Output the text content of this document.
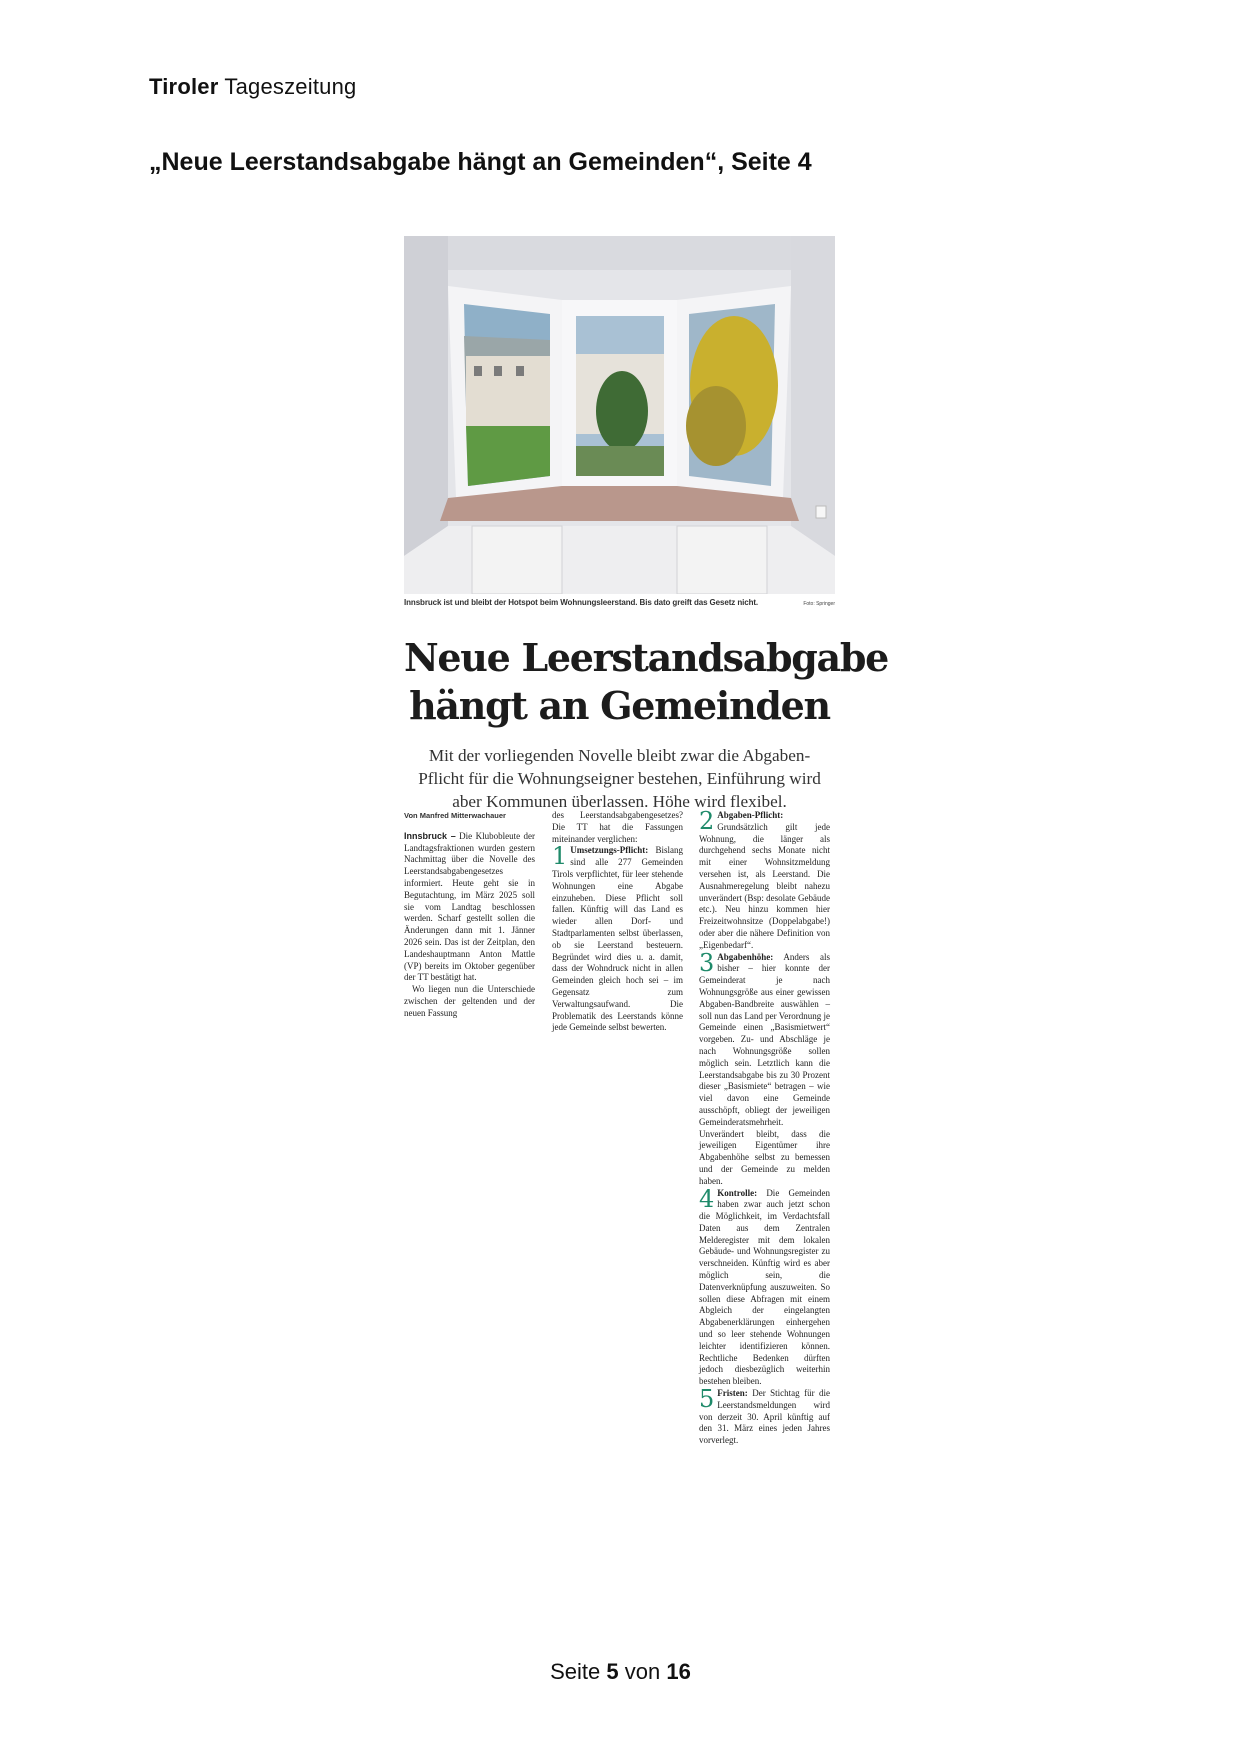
Tiroler Tageszeitung
„Neue Leerstandsabgabe hängt an Gemeinden“, Seite 4
Innsbruck ist und bleibt der Hotspot beim Wohnungsleerstand. Bis dato greift das Gesetz nicht.	Foto: Springer
Neue Leerstandsabgabe
hängt an Gemeinden
Mit der vorliegenden Novelle bleibt zwar die Abgaben-Pflicht für die Wohnungseigner bestehen, Einführung wird aber Kommunen überlassen. Höhe wird flexibel.
Von Manfred Mitterwachauer

Innsbruck – Die Klubobleute der Landtagsfraktionen wurden gestern Nachmittag über die Novelle des Leerstandsabgabengesetzes informiert. Heute geht sie in Begutachtung, im März 2025 soll sie vom Landtag beschlossen werden. Scharf gestellt sollen die Änderungen dann mit 1. Jänner 2026 sein. Das ist der Zeitplan, den Landeshauptmann Anton Mattle (VP) bereits im Oktober gegenüber der TT bestätigt hat.

Wo liegen nun die Unterschiede zwischen der geltenden und der neuen Fassung

des Leerstandsabgabengesetzes? Die TT hat die Fassungen miteinander verglichen:

1 Umsetzungs-Pflicht: Bislang sind alle 277 Gemeinden Tirols verpflichtet, für leer stehende Wohnungen eine Abgabe einzuheben. Diese Pflicht soll fallen. Künftig will das Land es wieder allen Dorf- und Stadtparlamenten selbst überlassen, ob sie Leerstand besteuern. Begründet wird dies u. a. damit, dass der Wohndruck nicht in allen Gemeinden gleich hoch sei – im Gegensatz zum Verwaltungsaufwand. Die Problematik des Leerstands könne jede Gemeinde selbst bewerten.

2 Abgaben-Pflicht: Grundsätzlich gilt jede Wohnung, die länger als durchgehend sechs Monate nicht mit einer Wohnsitzmeldung versehen ist, als Leerstand. Die Ausnahmeregelung bleibt nahezu unverändert (Bsp: desolate Gebäude etc.). Neu hinzu kommen hier Freizeitwohnsitze (Doppelabgabe!) oder aber die nähere Definition von „Eigenbedarf“.

3 Abgabenhöhe: Anders als bisher – hier konnte der Gemeinderat je nach Wohnungsgröße aus einer gewissen Abgaben-Bandbreite auswählen – soll nun das Land per Verordnung je Gemeinde einen „Basismietwert“ vorgeben. Zu- und Abschläge je nach Wohnungsgröße sollen möglich sein. Letztlich kann die Leerstandsabgabe bis zu 30 Prozent dieser „Basismiete“ betragen – wie viel davon eine Gemeinde ausschöpft, obliegt der jeweiligen Gemeinderatsmehrheit. Unverändert bleibt, dass die jeweiligen Eigentümer ihre Abgabenhöhe selbst zu bemessen und der Gemeinde zu melden haben.

4 Kontrolle: Die Gemeinden haben zwar auch jetzt schon die Möglichkeit, im Verdachtsfall Daten aus dem Zentralen Melderegister mit dem lokalen Gebäude- und Wohnungsregister zu verschneiden. Künftig wird es aber möglich sein, die Datenverknüpfung auszuweiten. So sollen diese Abfragen mit einem Abgleich der eingelangten Abgabenerklärungen einhergehen und so leer stehende Wohnungen leichter identifizieren können. Rechtliche Bedenken dürften jedoch diesbezüglich weiterhin bestehen bleiben.

5 Fristen: Der Stichtag für die Leerstandsmeldungen wird von derzeit 30. April künftig auf den 31. März eines jeden Jahres vorverlegt.

Seite 5 von 16
